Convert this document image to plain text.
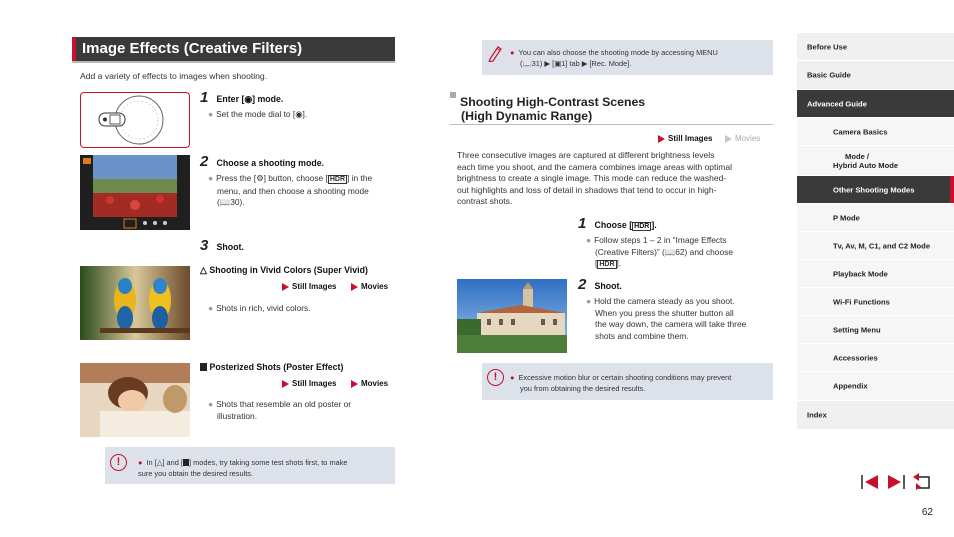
Image Effects (Creative Filters)
Add a variety of effects to images when shooting.
1 Enter [◉] mode.
● Set the mode dial to [◉].
2 Choose a shooting mode.
● Press the [⚙] button, choose [ HDR ] in the
menu, and then choose a shooting mode
(📖30).
3 Shoot.
△ Shooting in Vivid Colors (Super Vivid)
Still Images	Movies
● Shots in rich, vivid colors.
Posterized Shots (Poster Effect)
Still Images	Movies
● Shots that resemble an old poster or
illustration.
!	● In [△] and [ ] modes, try taking some test shots first, to make
sure you obtain the desired results.
● You can also choose the shooting mode by accessing MENU
(📖31) ▶ [▣1] tab ▶ [Rec. Mode].
Shooting High-Contrast Scenes
(High Dynamic Range)
Still Images	Movies
Three consecutive images are captured at different brightness levels
each time you shoot, and the camera combines image areas with optimal
brightness to create a single image. This mode can reduce the washed-
out highlights and loss of detail in shadows that tend to occur in high-
contrast shots.
1 Choose [ HDR ].
● Follow steps 1 – 2 in “Image Effects
(Creative Filters)” (📖62) and choose
[ HDR ].
2 Shoot.
● Hold the camera steady as you shoot.
When you press the shutter button all
the way down, the camera will take three
shots and combine them.
!	● Excessive motion blur or certain shooting conditions may prevent
you from obtaining the desired results.
Before Use
Basic Guide
Advanced Guide
Camera Basics
Mode /
Hybrid Auto Mode
Other Shooting Modes
P Mode
Tv, Av, M, C1, and C2 Mode
Playback Mode
Wi-Fi Functions
Setting Menu
Accessories
Appendix
Index
62
